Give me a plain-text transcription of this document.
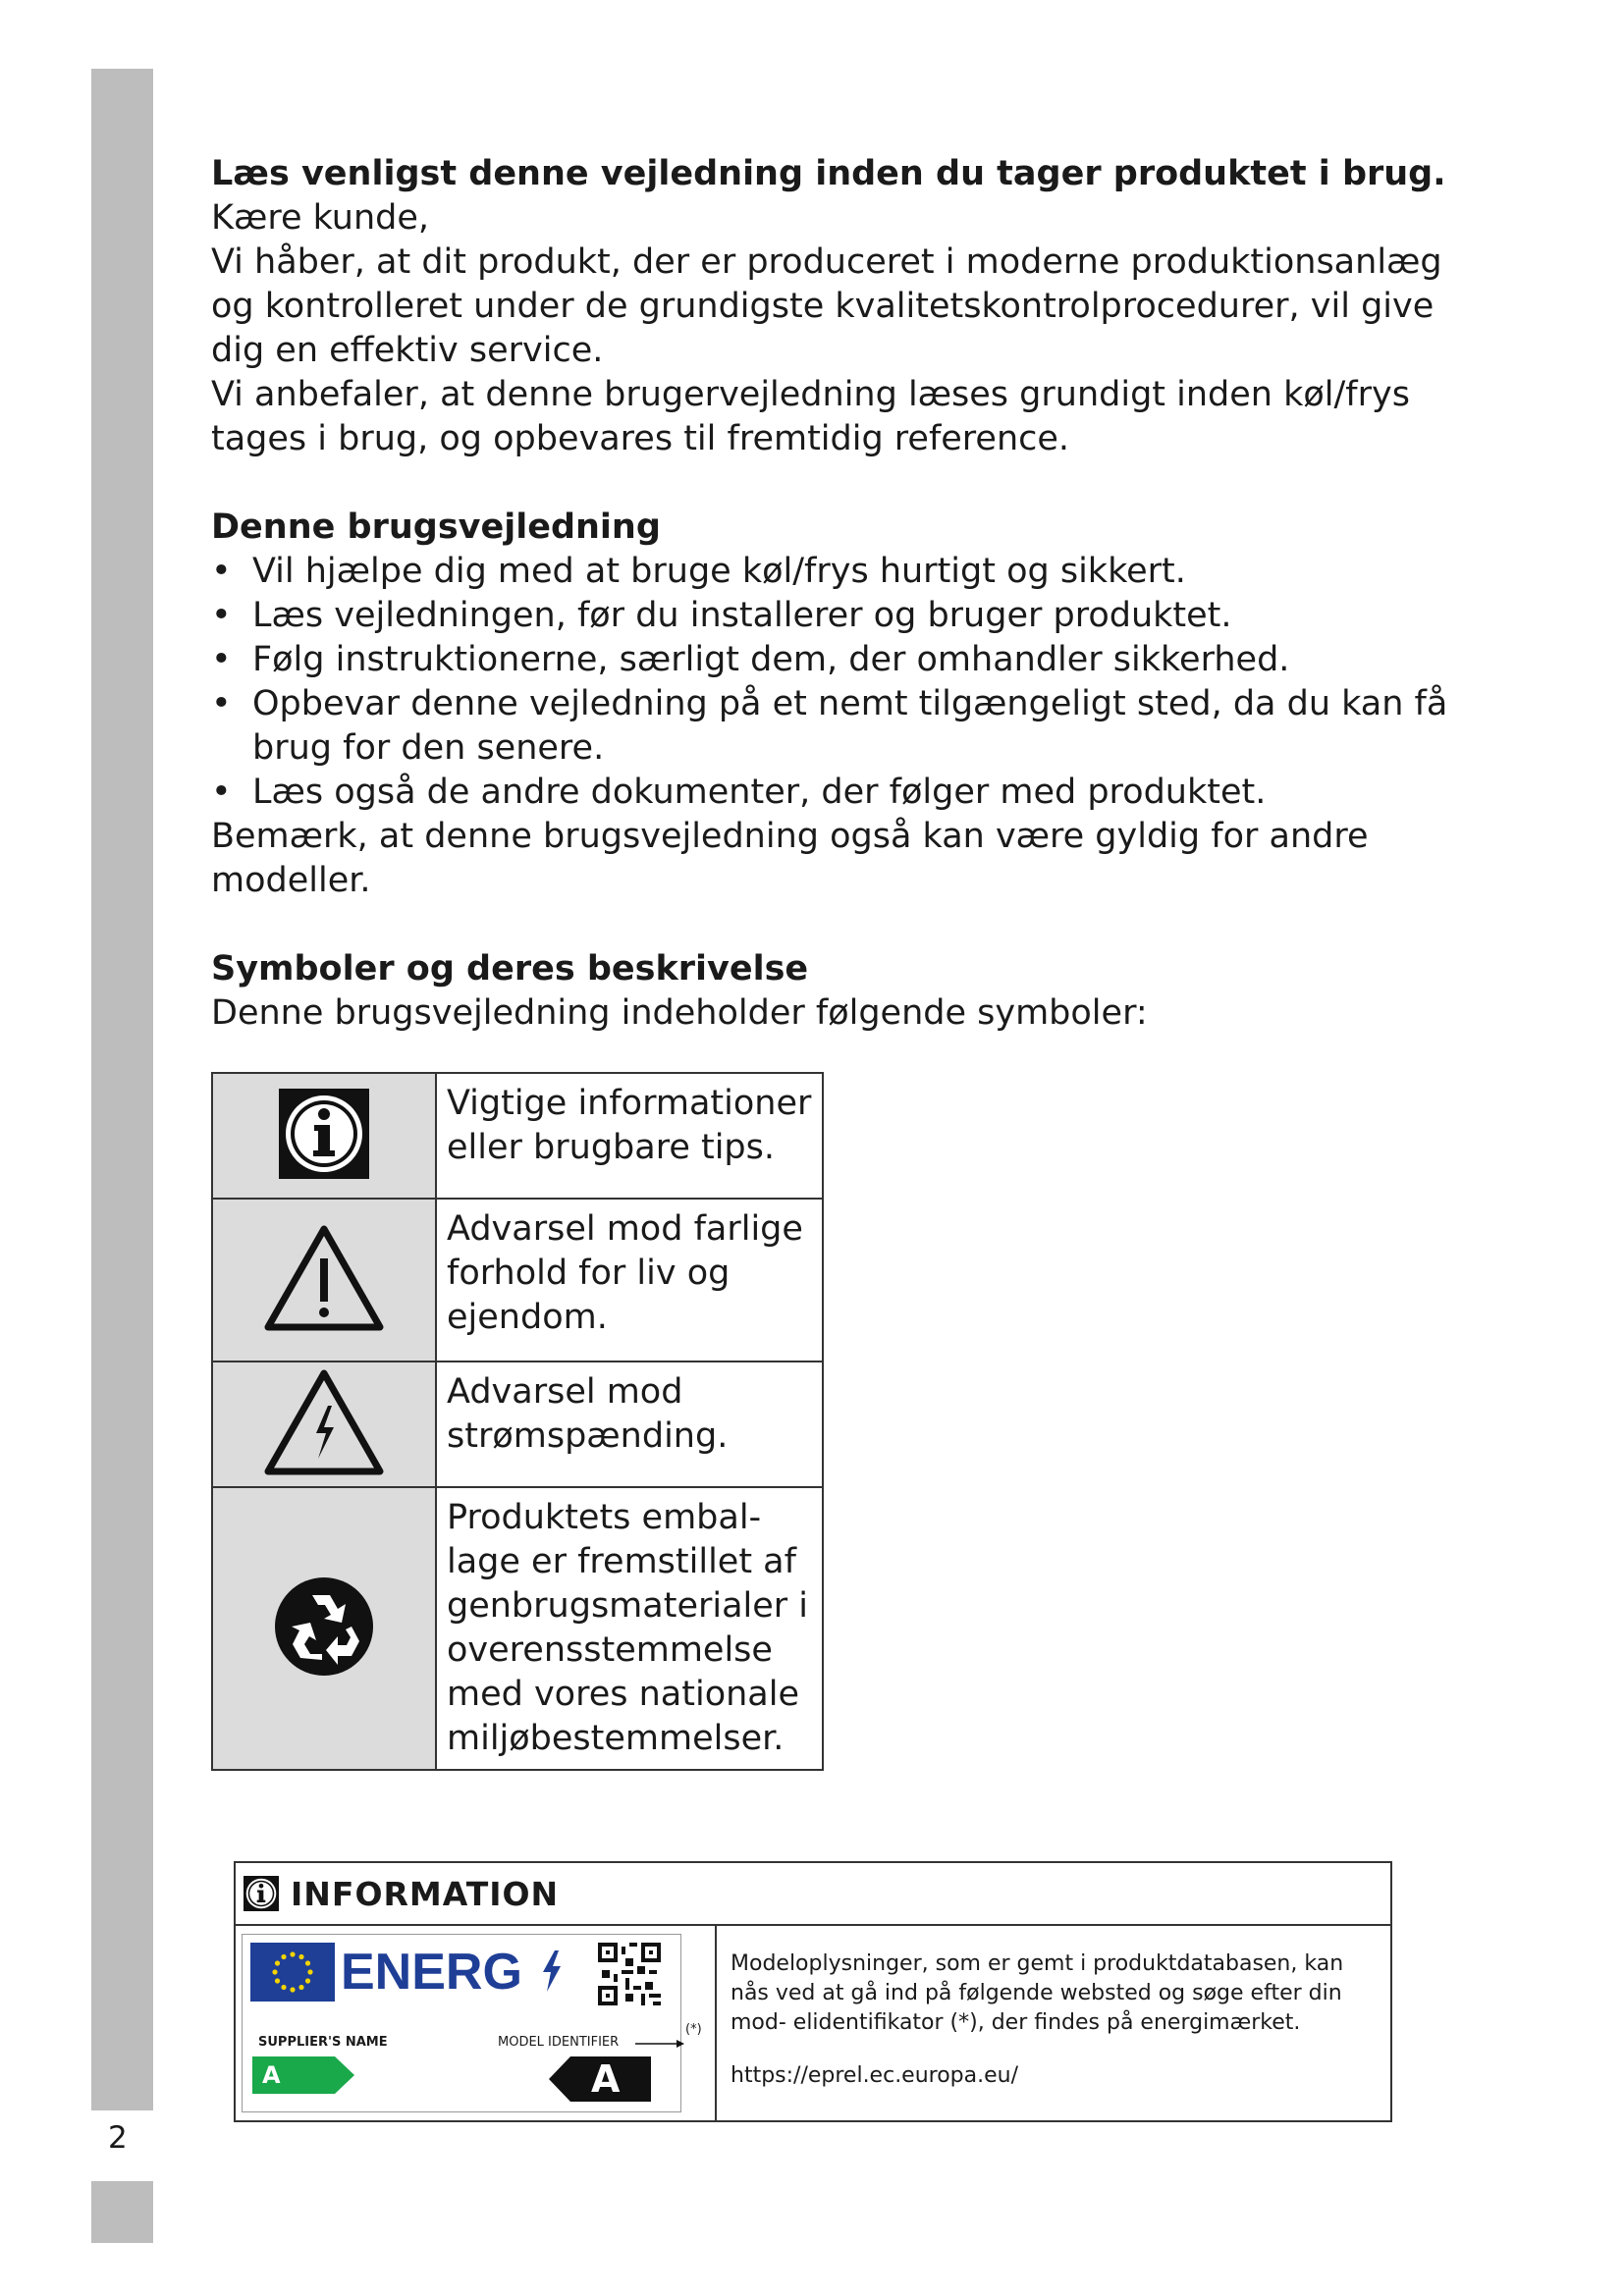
2

Læs venligst denne vejledning inden du tager produktet i brug.

Kære kunde,

Vi håber, at dit produkt, der er produceret i moderne produktionsanlæg og kontrolleret under de grundigste kvalitetskontrolprocedurer, vil give dig en effektiv service.

Vi anbefaler, at denne brugervejledning læses grundigt inden køl/frys tages i brug, og opbevares til fremtidig reference.

Denne brugsvejledning

• Vil hjælpe dig med at bruge køl/frys hurtigt og sikkert.
• Læs vejledningen, før du installerer og bruger produktet.
• Følg instruktionerne, særligt dem, der omhandler sikkerhed.
• Opbevar denne vejledning på et nemt tilgængeligt sted, da du kan få brug for den senere.
• Læs også de andre dokumenter, der følger med produktet.

Bemærk, at denne brugsvejledning også kan være gyldig for andre modeller.

Symboler og deres beskrivelse

Denne brugsvejledning indeholder følgende symboler:

	Vigtige informationer eller brugbare tips.
	Advarsel mod farlige forhold for liv og ejendom.
	Advarsel mod strømspænding.
	Produktets embal- lage er fremstillet af genbrugsmaterialer i overensstemmelse med vores nationale miljøbestemmelser.
INFORMATION
ENERG
SUPPLIER'S NAME	MODEL IDENTIFIER
A	A
(*)
Modeloplysninger, som er gemt i produktdatabasen, kan nås ved at gå ind på følgende websted og søge efter din mod- elidentifikator (*), der findes på energimærket.
https://eprel.ec.europa.eu/
